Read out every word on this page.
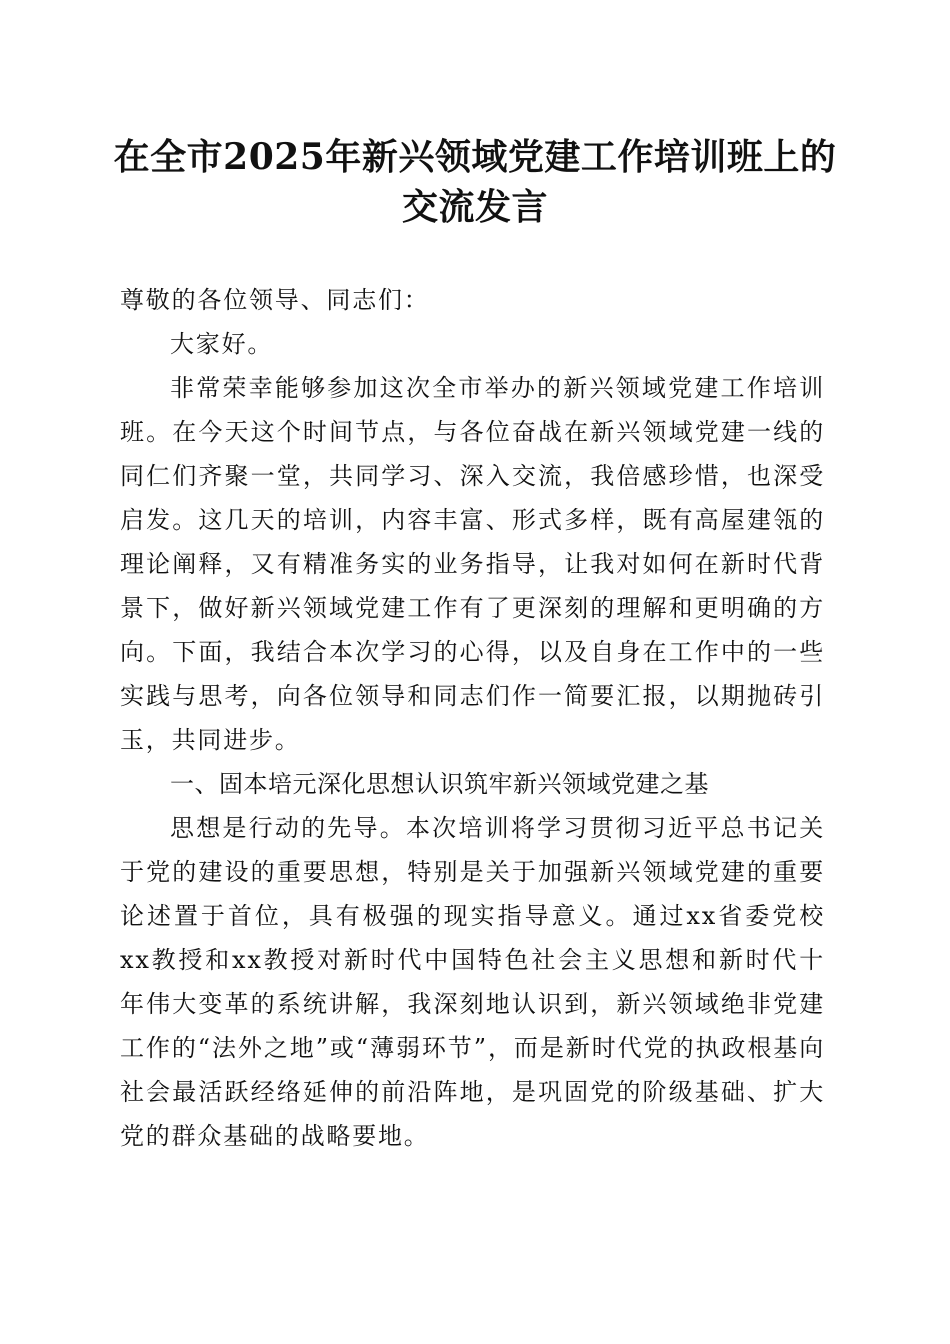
在全市2025年新兴领域党建工作培训班上的
交流发言

尊敬的各位领导、同志们：

大家好。

非常荣幸能够参加这次全市举办的新兴领域党建工作培训班。在今天这个时间节点，与各位奋战在新兴领域党建一线的同仁们齐聚一堂，共同学习、深入交流，我倍感珍惜，也深受启发。这几天的培训，内容丰富、形式多样，既有高屋建瓴的理论阐释，又有精准务实的业务指导，让我对如何在新时代背景下，做好新兴领域党建工作有了更深刻的理解和更明确的方向。下面，我结合本次学习的心得，以及自身在工作中的一些实践与思考，向各位领导和同志们作一简要汇报，以期抛砖引玉，共同进步。

一、固本培元深化思想认识筑牢新兴领域党建之基

思想是行动的先导。本次培训将学习贯彻习近平总书记关于党的建设的重要思想，特别是关于加强新兴领域党建的重要论述置于首位，具有极强的现实指导意义。通过xx省委党校xx教授和xx教授对新时代中国特色社会主义思想和新时代十年伟大变革的系统讲解，我深刻地认识到，新兴领域绝非党建工作的“法外之地”或“薄弱环节”，而是新时代党的执政根基向社会最活跃经络延伸的前沿阵地，是巩固党的阶级基础、扩大党的群众基础的战略要地。
